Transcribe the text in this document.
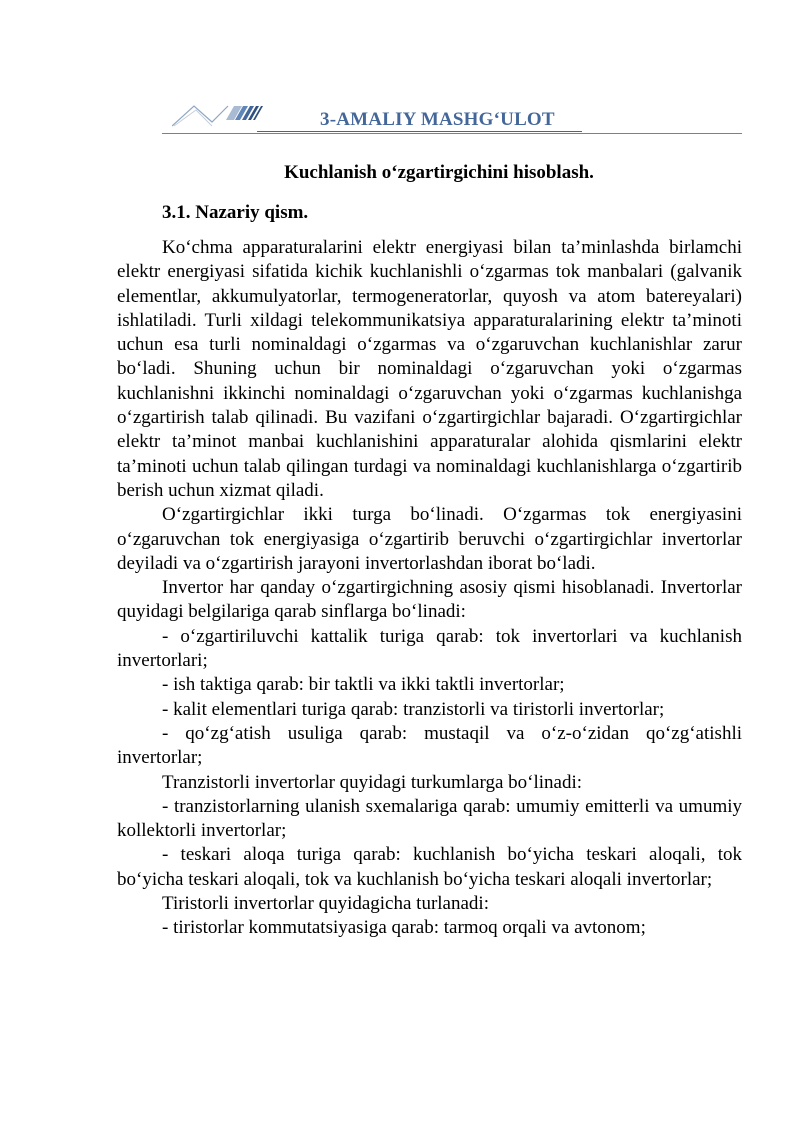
3-AMALIY MASHG‘ULOT
Kuchlanish o‘zgartirgichini hisoblash.
3.1. Nazariy qism.

Ko‘chma apparaturalarini elektr energiyasi bilan ta’minlashda birlamchi elektr energiyasi sifatida kichik kuchlanishli o‘zgarmas tok manbalari (galvanik elementlar, akkumulyatorlar, termogeneratorlar, quyosh va atom batereyalari) ishlatiladi. Turli xildagi telekommunikatsiya apparaturalarining elektr ta’minoti uchun esa turli nominaldagi o‘zgarmas va o‘zgaruvchan kuchlanishlar zarur bo‘ladi. Shuning uchun bir nominaldagi o‘zgaruvchan yoki o‘zgarmas kuchlanishni ikkinchi nominaldagi o‘zgaruvchan yoki o‘zgarmas kuchlanishga o‘zgartirish talab qilinadi. Bu vazifani o‘zgartirgichlar bajaradi. O‘zgartirgichlar elektr ta’minot manbai kuchlanishini apparaturalar alohida qismlarini elektr ta’minoti uchun talab qilingan turdagi va nominaldagi kuchlanishlarga o‘zgartirib berish uchun xizmat qiladi.

O‘zgartirgichlar ikki turga bo‘linadi. O‘zgarmas tok energiyasini o‘zgaruvchan tok energiyasiga o‘zgartirib beruvchi o‘zgartirgichlar invertorlar deyiladi va o‘zgartirish jarayoni invertorlashdan iborat bo‘ladi.

Invertor har qanday o‘zgartirgichning asosiy qismi hisoblanadi. Invertorlar quyidagi belgilariga qarab sinflarga bo‘linadi:

- o‘zgartiriluvchi kattalik turiga qarab: tok invertorlari va kuchlanish invertorlari;

- ish taktiga qarab: bir taktli va ikki taktli invertorlar;

- kalit elementlari turiga qarab: tranzistorli va tiristorli invertorlar;

- qo‘zg‘atish usuliga qarab: mustaqil va o‘z-o‘zidan qo‘zg‘atishli invertorlar;

Tranzistorli invertorlar quyidagi turkumlarga bo‘linadi:

- tranzistorlarning ulanish sxemalariga qarab: umumiy emitterli va umumiy kollektorli invertorlar;

- teskari aloqa turiga qarab: kuchlanish bo‘yicha teskari aloqali, tok bo‘yicha teskari aloqali, tok va kuchlanish bo‘yicha teskari aloqali invertorlar;

Tiristorli invertorlar quyidagicha turlanadi:

- tiristorlar kommutatsiyasiga qarab: tarmoq orqali va avtonom;
